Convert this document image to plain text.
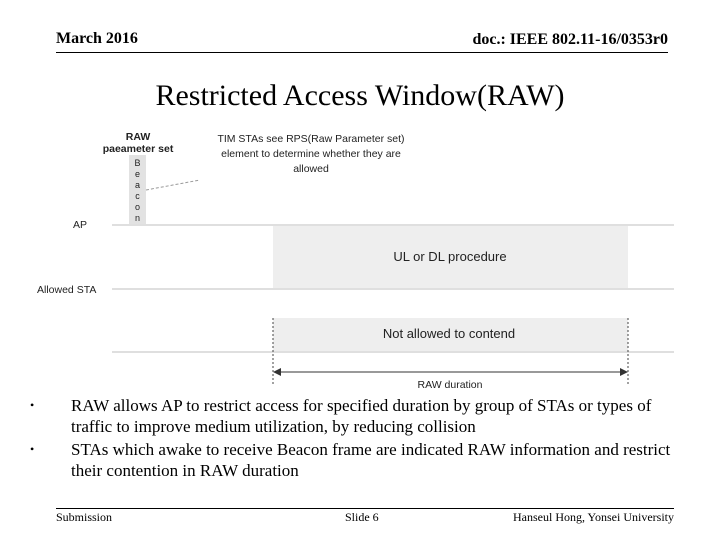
March 2016	doc.: IEEE 802.11-16/0353r0
Restricted Access Window(RAW)
RAW
paeameter set
TIM STAs see RPS(Raw Parameter set)
element to determine whether they are
allowed
B
e
a
c
o
n
AP
UL or DL procedure
Allowed STA
Not allowed to contend
RAW duration
• RAW allows AP to restrict access for specified duration by group of STAs or types of traffic to improve medium utilization, by reducing collision
• STAs which awake to receive Beacon frame are indicated RAW information and restrict their contention in RAW duration
Submission	Slide 6	Hanseul Hong, Yonsei University
